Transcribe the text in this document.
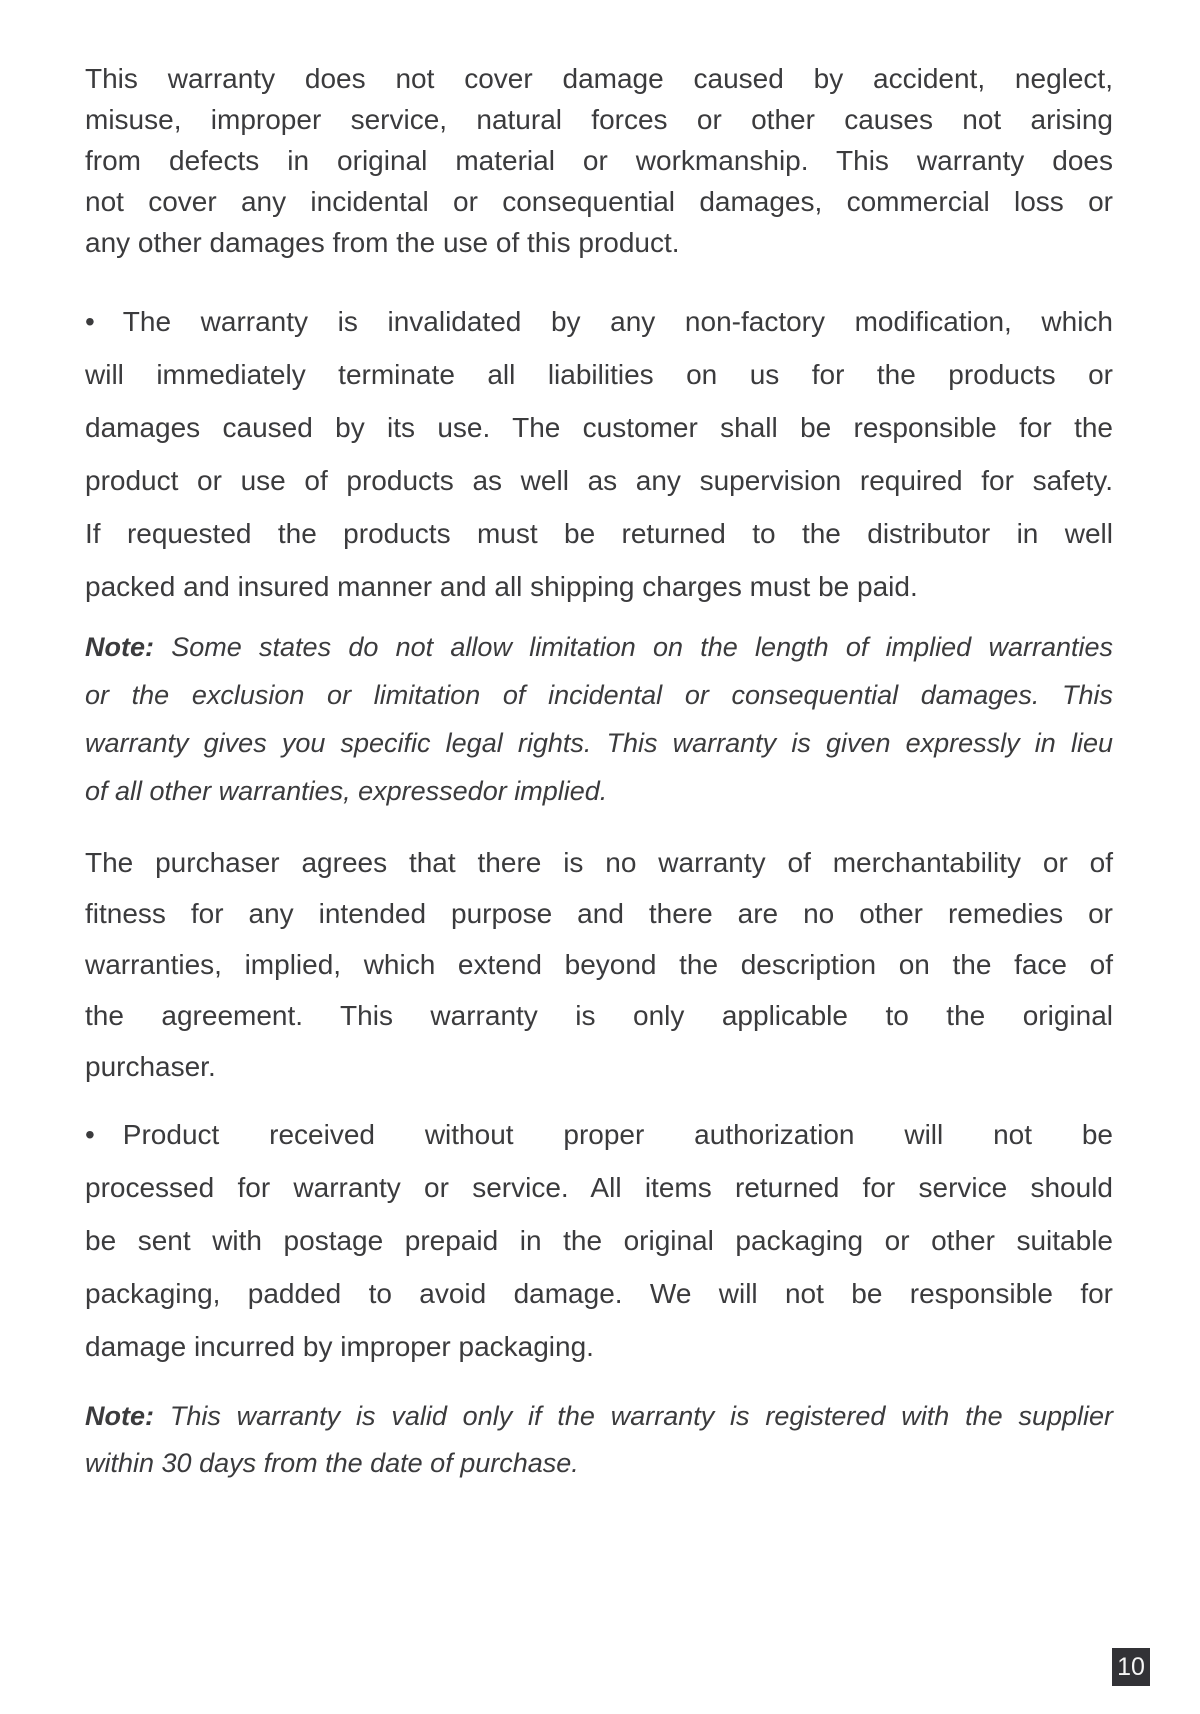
This warranty does not cover damage caused by accident, neglect,
misuse, improper service, natural forces or other causes not arising
from defects in original material or workmanship. This warranty does
not cover any incidental or consequential damages, commercial loss or
any other damages from the use of this product.
• The warranty is invalidated by any non-factory modification, which
will immediately terminate all liabilities on us for the products or
damages caused by its use. The customer shall be responsible for the
product or use of products as well as any supervision required for safety.
If requested the products must be returned to the distributor in well
packed and insured manner and all shipping charges must be paid.
Note: Some states do not allow limitation on the length of implied warranties
or the exclusion or limitation of incidental or consequential damages. This
warranty gives you specific legal rights. This warranty is given expressly in lieu
of all other warranties, expressedor implied.
The purchaser agrees that there is no warranty of merchantability or of
fitness for any intended purpose and there are no other remedies or
warranties, implied, which extend beyond the description on the face of
the agreement. This warranty is only applicable to the original
purchaser.
• Product received without proper authorization will not be
processed for warranty or service. All items returned for service should
be sent with postage prepaid in the original packaging or other suitable
packaging, padded to avoid damage. We will not be responsible for
damage incurred by improper packaging.
Note: This warranty is valid only if the warranty is registered with the supplier
within 30 days from the date of purchase.
10
